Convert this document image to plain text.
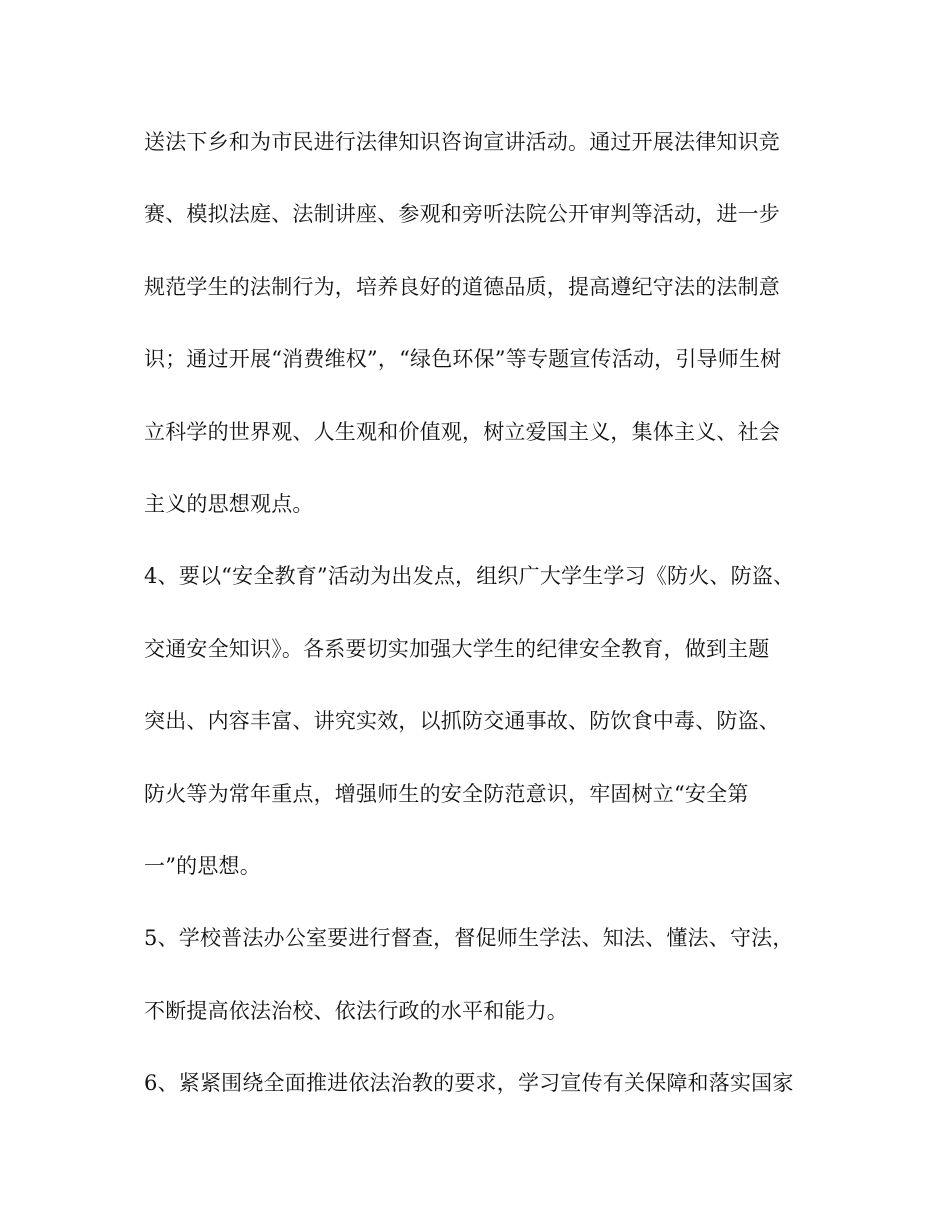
送法下乡和为市民进行法律知识咨询宣讲活动。通过开展法律知识竞
赛、模拟法庭、法制讲座、参观和旁听法院公开审判等活动，进一步
规范学生的法制行为，培养良好的道德品质，提高遵纪守法的法制意
识；通过开展“消费维权”，“绿色环保”等专题宣传活动，引导师生树
立科学的世界观、人生观和价值观，树立爱国主义，集体主义、社会
主义的思想观点。
4、要以“安全教育”活动为出发点，组织广大学生学习《防火、防盗、
交通安全知识》。各系要切实加强大学生的纪律安全教育，做到主题
突出、内容丰富、讲究实效，以抓防交通事故、防饮食中毒、防盗、
防火等为常年重点，增强师生的安全防范意识，牢固树立“安全第
一”的思想。
5、学校普法办公室要进行督查，督促师生学法、知法、懂法、守法，
不断提高依法治校、依法行政的水平和能力。
6、紧紧围绕全面推进依法治教的要求，学习宣传有关保障和落实国家
